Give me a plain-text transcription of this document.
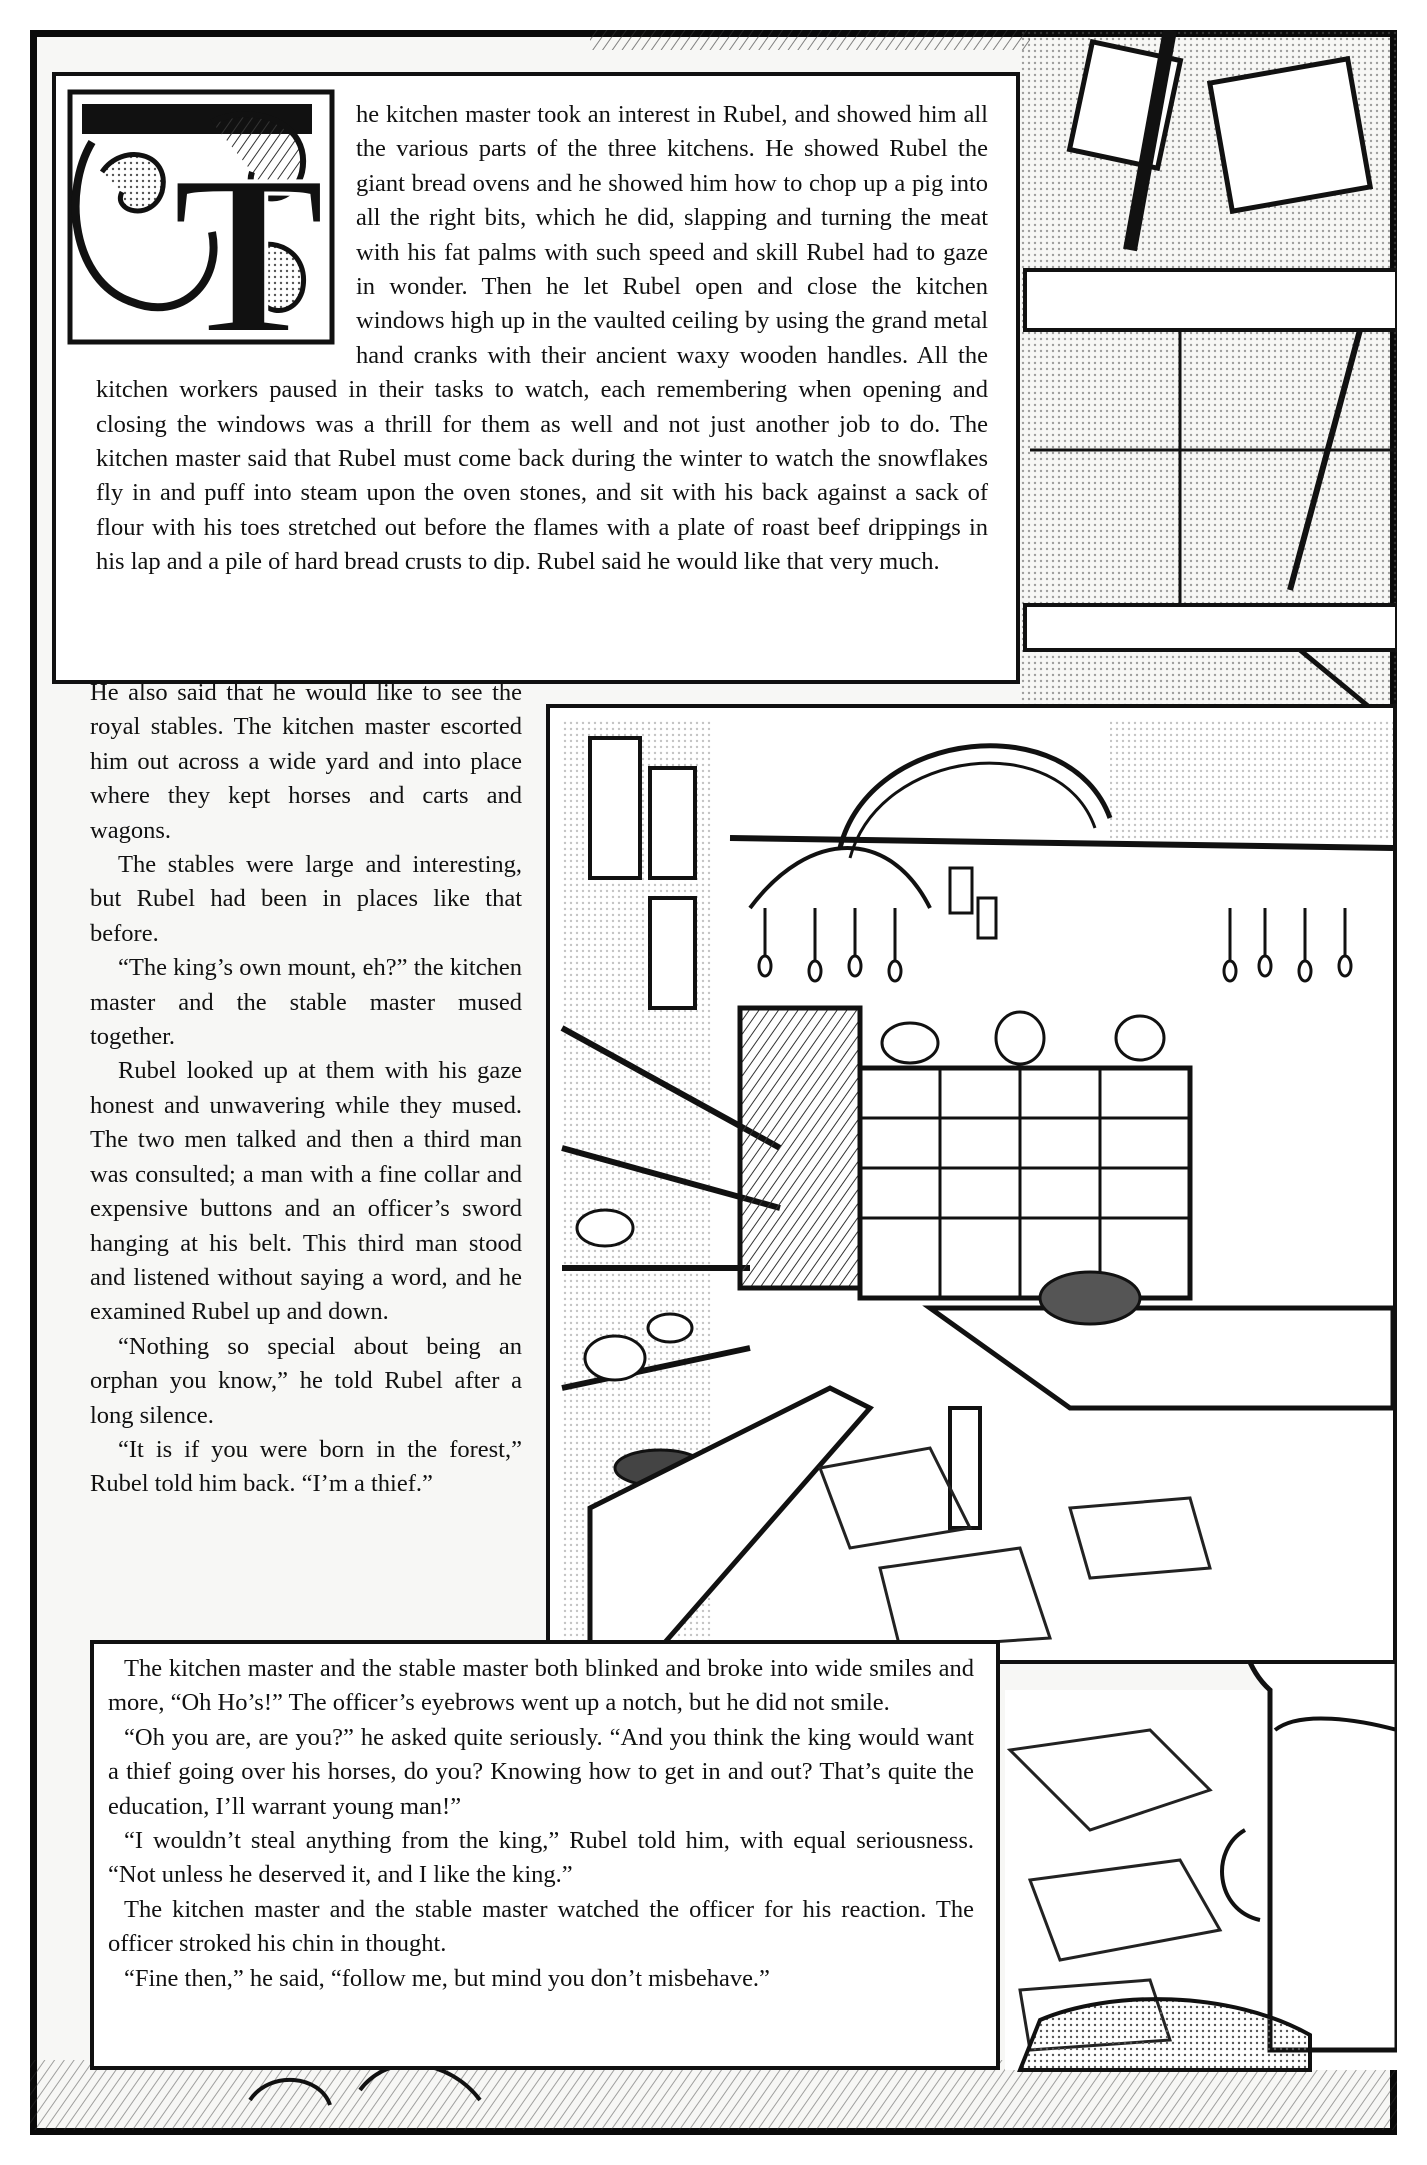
T

he kitchen master took an interest in Rubel, and showed him all the various parts of the three kitchens. He showed Rubel the giant bread ovens and he showed him how to chop up a pig into all the right bits, which he did, slapping and turning the meat with his fat palms with such speed and skill Rubel had to gaze in wonder. Then he let Rubel open and close the kitchen windows high up in the vaulted ceiling by using the grand metal hand cranks with their ancient waxy wooden handles. All the kitchen workers paused in their tasks to watch, each remembering when opening and closing the windows was a thrill for them as well and not just another job to do. The kitchen master said that Rubel must come back during the winter to watch the snowflakes fly in and puff into steam upon the oven stones, and sit with his back against a sack of flour with his toes stretched out before the flames with a plate of roast beef drippings in his lap and a pile of hard bread crusts to dip. Rubel said he would like that very much.

He also said that he would like to see the royal stables. The kitchen master escorted him out across a wide yard and into place where they kept horses and carts and wagons.

The stables were large and interesting, but Rubel had been in places like that before.

“The king’s own mount, eh?” the kitchen master and the stable master mused together.

Rubel looked up at them with his gaze honest and unwavering while they mused. The two men talked and then a third man was consulted; a man with a fine collar and expensive buttons and an officer’s sword hanging at his belt. This third man stood and listened without saying a word, and he examined Rubel up and down.

“Nothing so special about being an orphan you know,” he told Rubel after a long silence.

“It is if you were born in the forest,” Rubel told him back. “I’m a thief.”

The kitchen master and the stable master both blinked and broke into wide smiles and more, “Oh Ho’s!” The officer’s eyebrows went up a notch, but he did not smile.

“Oh you are, are you?” he asked quite seriously. “And you think the king would want a thief going over his horses, do you? Knowing how to get in and out? That’s quite the education, I’ll warrant young man!”

“I wouldn’t steal anything from the king,” Rubel told him, with equal seriousness. “Not unless he deserved it, and I like the king.”

The kitchen master and the stable master watched the officer for his reaction. The officer stroked his chin in thought.

“Fine then,” he said, “follow me, but mind you don’t misbehave.”
